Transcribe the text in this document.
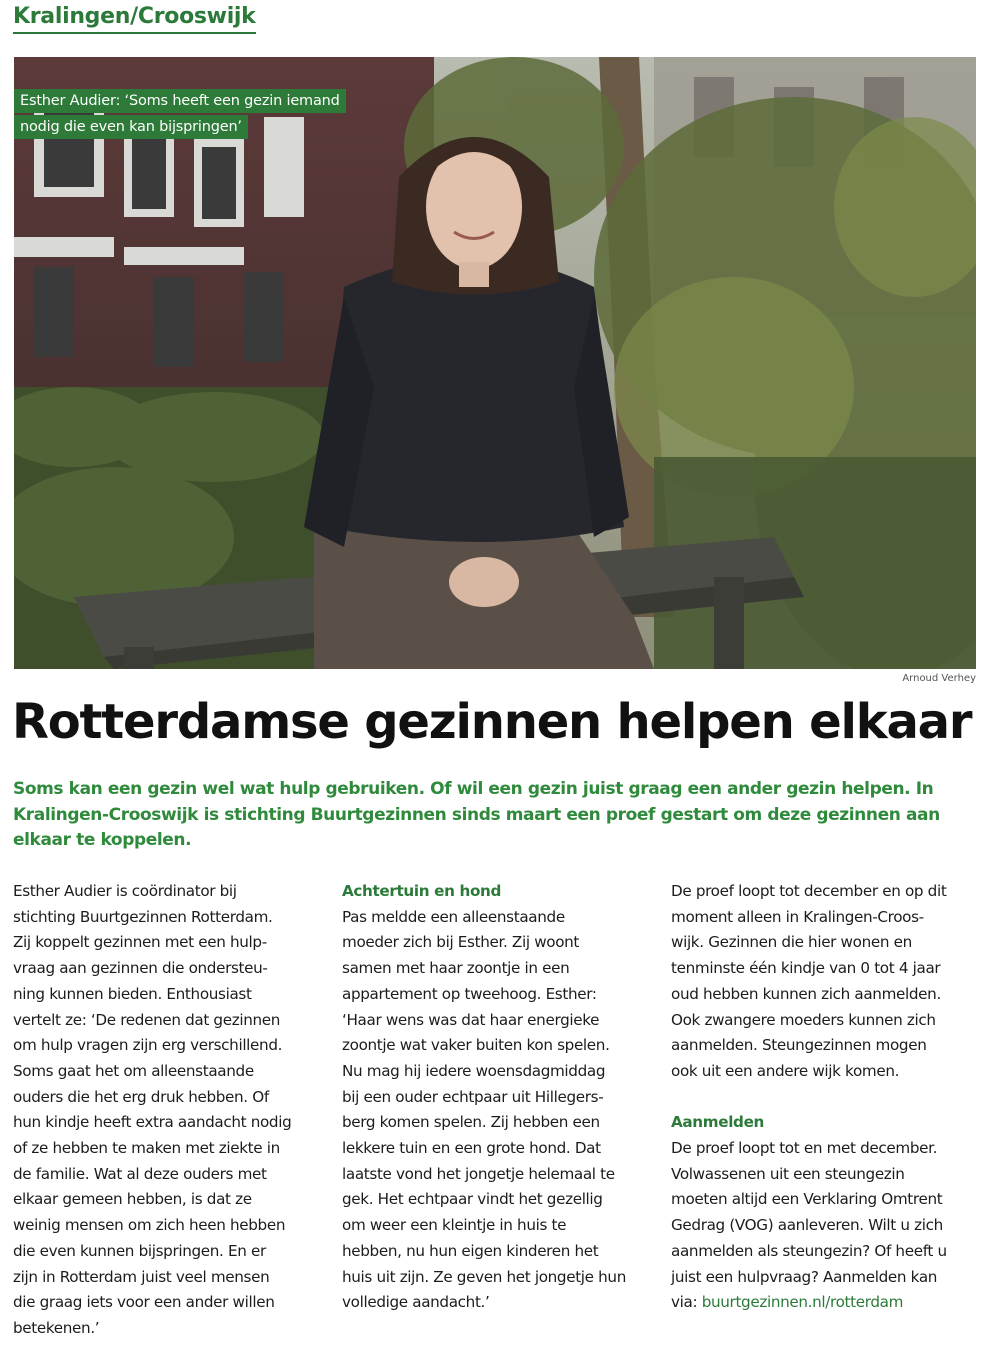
Kralingen/Crooswijk
Esther Audier: ‘Soms heeft een gezin iemand
nodig die even kan bijspringen’
Arnoud Verhey
Rotterdamse gezinnen helpen elkaar

Soms kan een gezin wel wat hulp gebruiken. Of wil een gezin juist graag een ander gezin helpen. In Kralingen-Crooswijk is stichting Buurtgezinnen sinds maart een proef gestart om deze gezinnen aan elkaar te koppelen.

Esther Audier is coördinator bij

stichting Buurtgezinnen Rotterdam.

Zij koppelt gezinnen met een hulp-

vraag aan gezinnen die ondersteu-

ning kunnen bieden. Enthousiast

vertelt ze: ‘De redenen dat gezinnen

om hulp vragen zijn erg verschillend.

Soms gaat het om alleenstaande

ouders die het erg druk hebben. Of

hun kindje heeft extra aandacht nodig

of ze hebben te maken met ziekte in

de familie. Wat al deze ouders met

elkaar gemeen hebben, is dat ze

weinig mensen om zich heen hebben

die even kunnen bijspringen. En er

zijn in Rotterdam juist veel mensen

die graag iets voor een ander willen

betekenen.’

Achtertuin en hond

Pas meldde een alleenstaande

moeder zich bij Esther. Zij woont

samen met haar zoontje in een

appartement op tweehoog. Esther:

‘Haar wens was dat haar energieke

zoontje wat vaker buiten kon spelen.

Nu mag hij iedere woensdagmiddag

bij een ouder echtpaar uit Hillegers-

berg komen spelen. Zij hebben een

lekkere tuin en een grote hond. Dat

laatste vond het jongetje helemaal te

gek. Het echtpaar vindt het gezellig

om weer een kleintje in huis te

hebben, nu hun eigen kinderen het

huis uit zijn. Ze geven het jongetje hun

volledige aandacht.’

De proef loopt tot december en op dit

moment alleen in Kralingen-Croos-

wijk. Gezinnen die hier wonen en

tenminste één kindje van 0 tot 4 jaar

oud hebben kunnen zich aanmelden.

Ook zwangere moeders kunnen zich

aanmelden. Steungezinnen mogen

ook uit een andere wijk komen.

Aanmelden

De proef loopt tot en met december.

Volwassenen uit een steungezin

moeten altijd een Verklaring Omtrent

Gedrag (VOG) aanleveren. Wilt u zich

aanmelden als steungezin? Of heeft u

juist een hulpvraag? Aanmelden kan

via: buurtgezinnen.nl/rotterdam
